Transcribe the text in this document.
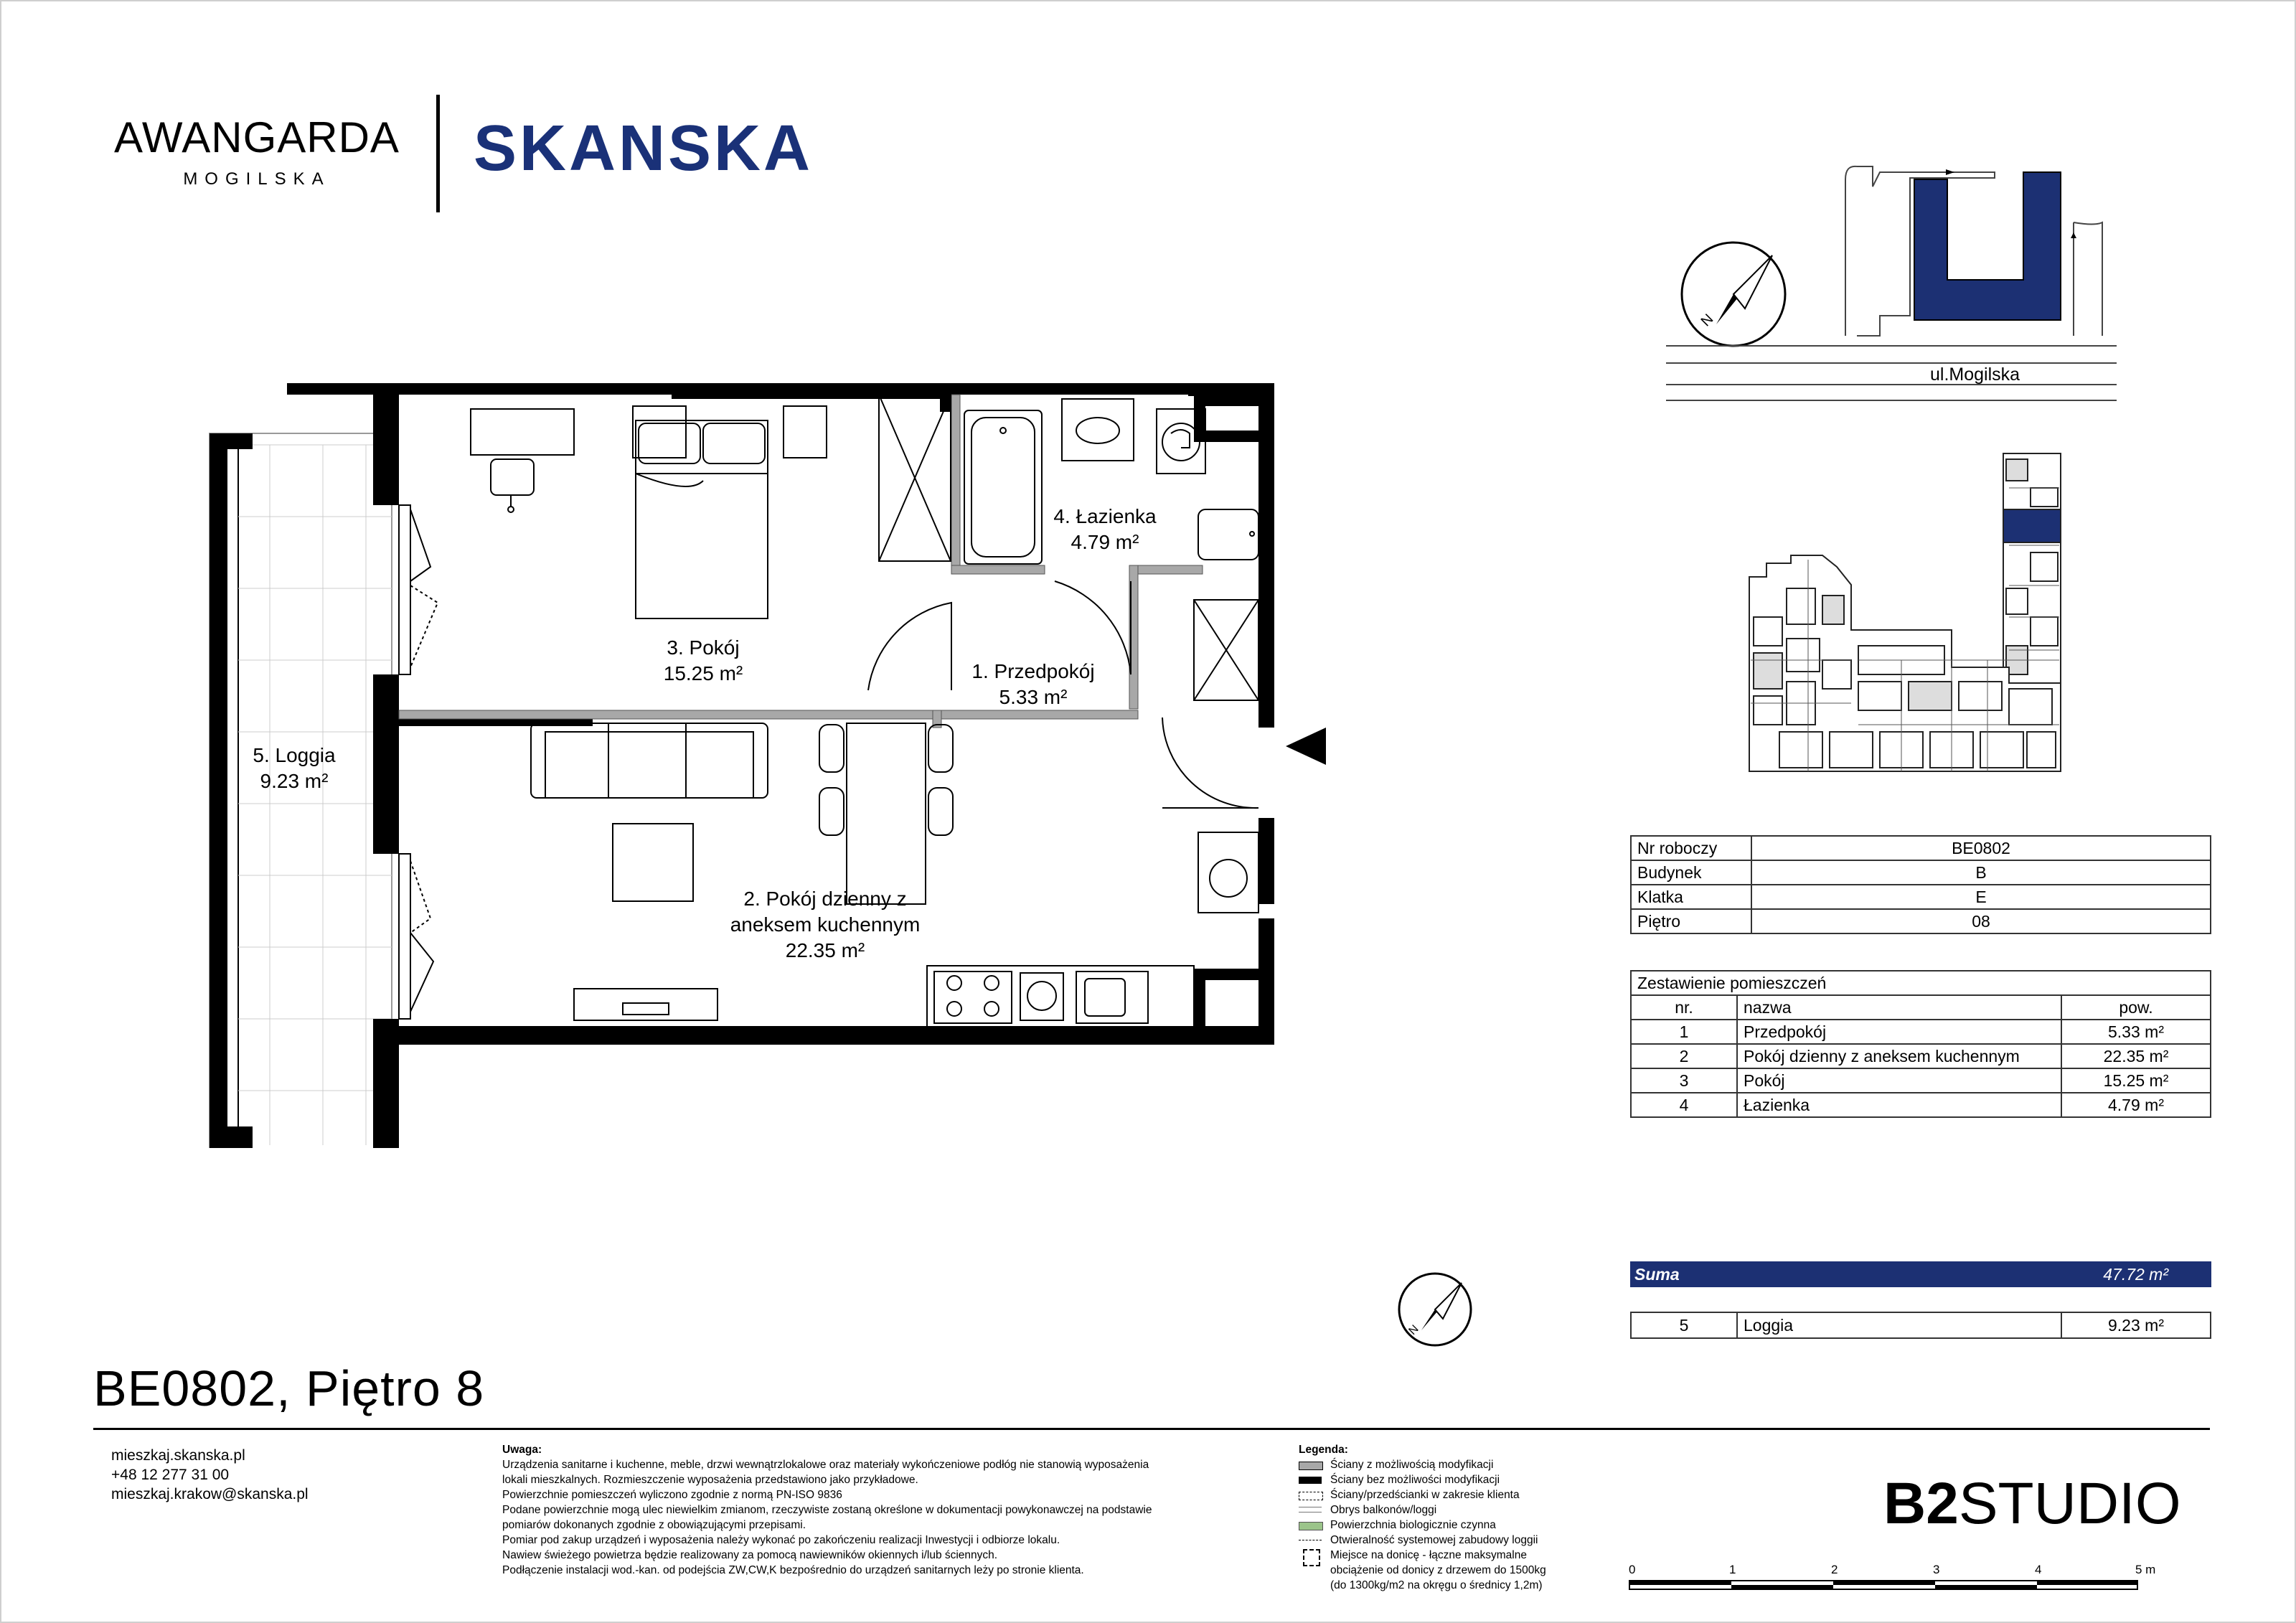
AWANGARDA
MOGILSKA	SKANSKA
N
ul.Mogilska
5. Loggia
9.23 m²
3. Pokój
15.25 m²	1. Przedpokój
5.33 m²
4. Łazienka
4.79 m²
2. Pokój dzienny z
aneksem kuchennym
22.35 m²
N
Nr roboczy	BE0802
Budynek	B
Klatka	E
Piętro	08
Zestawienie pomieszczeń		
nr.	nazwa	pow.
1	Przedpokój	5.33 m²
2	Pokój dzienny z aneksem kuchennym	22.35 m²
3	Pokój	15.25 m²
4	Łazienka	4.79 m²
Suma	47.72 m²
5	Loggia	9.23 m²
BE0802, Piętro 8
mieszkaj.skanska.pl
+48 12 277 31 00
mieszkaj.krakow@skanska.pl
Uwaga:
Urządzenia sanitarne i kuchenne, meble, drzwi wewnątrzlokalowe oraz materiały wykończeniowe podłóg nie stanowią wyposażenia
lokali mieszkalnych. Rozmieszczenie wyposażenia przedstawiono jako przykładowe.
Powierzchnie pomieszczeń wyliczono zgodnie z normą PN-ISO 9836
Podane powierzchnie mogą ulec niewielkim zmianom, rzeczywiste zostaną określone w dokumentacji powykonawczej na podstawie
pomiarów dokonanych zgodnie z obowiązującymi przepisami.
Pomiar pod zakup urządzeń i wyposażenia należy wykonać po zakończeniu realizacji Inwestycji i odbiorze lokalu.
Nawiew świeżego powietrza będzie realizowany za pomocą nawiewników okiennych i/lub ściennych.
Podłączenie instalacji wod.-kan. od podejścia ZW,CW,K bezpośrednio do urządzeń sanitarnych leży po stronie klienta.
Legenda:
Ściany z możliwością modyfikacji
Ściany bez możliwości modyfikacji
Ściany/przedścianki w zakresie klienta
Obrys balkonów/loggi
Powierzchnia biologicznie czynna
Otwieralność systemowej zabudowy loggii
Miejsce na donicę - łączne maksymalne
obciążenie od donicy z drzewem do 1500kg
(do 1300kg/m2 na okręgu o średnicy 1,2m)
B2STUDIO
0	1	2	3	4	5 m
